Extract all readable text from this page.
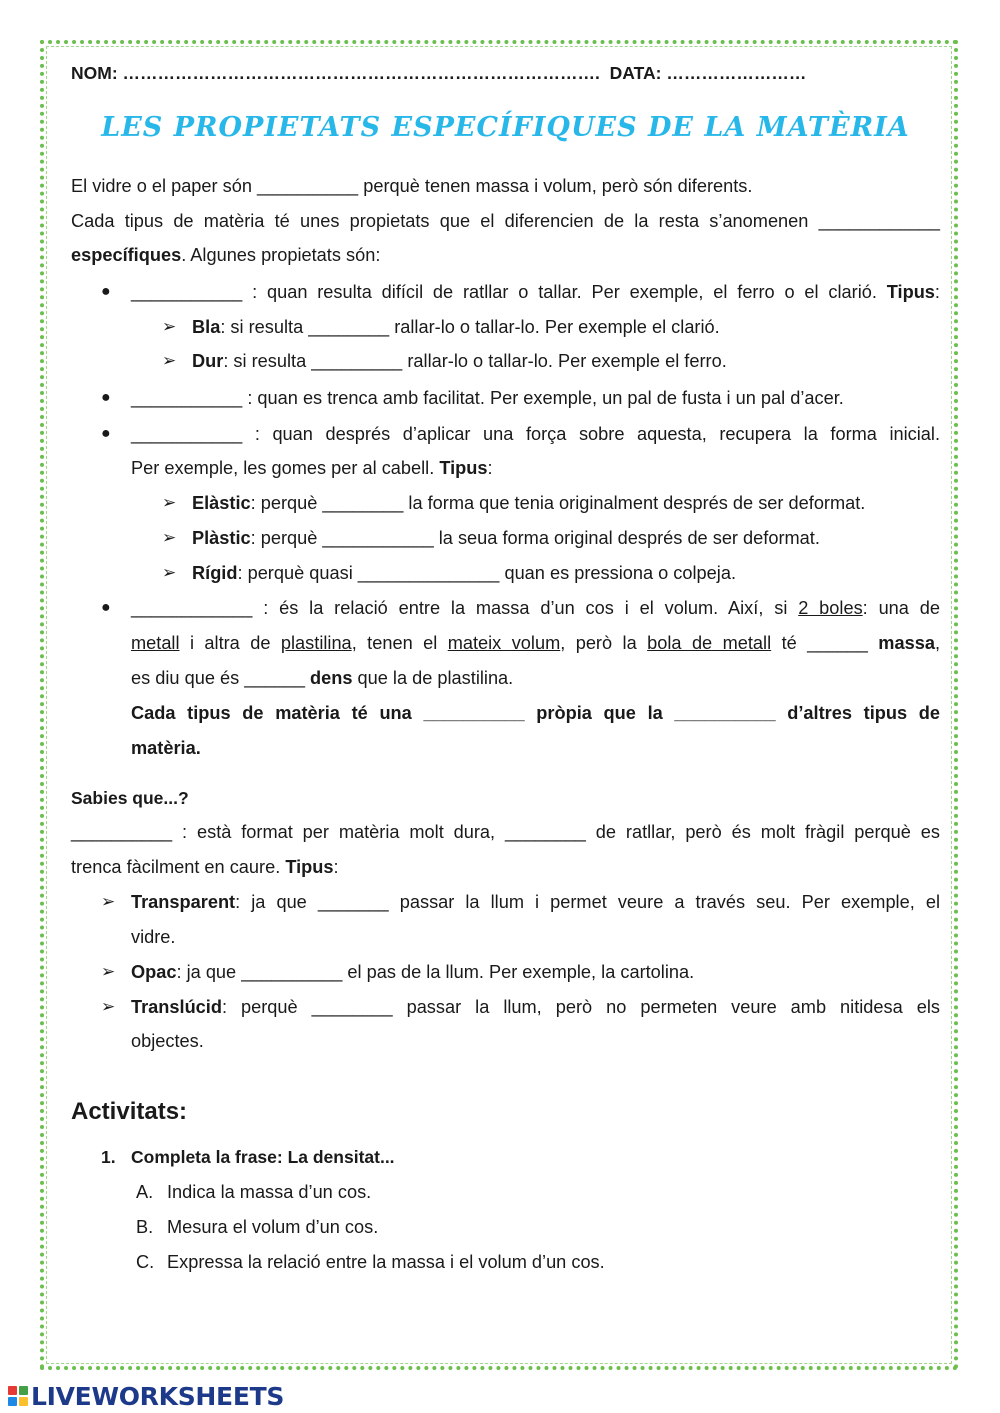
NOM: ………………………………………………………………………. DATA: ……………………
LES PROPIETATS ESPECÍFIQUES DE LA MATÈRIA
El vidre o el paper són __________ perquè tenen massa i volum, però són diferents.
Cada tipus de matèria té unes propietats que el diferencien de la resta s’anomenen ____________
específiques. Algunes propietats són:
● ___________ : quan resulta difícil de ratllar o tallar. Per exemple, el ferro o el clarió. Tipus:
➢ Bla: si resulta ________ rallar-lo o tallar-lo. Per exemple el clarió.
➢ Dur: si resulta _________ rallar-lo o tallar-lo. Per exemple el ferro.
● ___________ : quan es trenca amb facilitat. Per exemple, un pal de fusta i un pal d’acer.
● ___________ : quan després d’aplicar una força sobre aquesta, recupera la forma inicial.
Per exemple, les gomes per al cabell. Tipus:
➢ Elàstic: perquè ________ la forma que tenia originalment després de ser deformat.
➢ Plàstic: perquè ___________ la seua forma original després de ser deformat.
➢ Rígid: perquè quasi ______________ quan es pressiona o colpeja.
● ____________ : és la relació entre la massa d’un cos i el volum. Així, si 2 boles: una de
metall i altra de plastilina, tenen el mateix volum, però la bola de metall té ______ massa,
es diu que és ______ dens que la de plastilina.
Cada tipus de matèria té una __________ pròpia que la __________ d’altres tipus de
matèria.
Sabies que...?
__________ : està format per matèria molt dura, ________ de ratllar, però és molt fràgil perquè es
trenca fàcilment en caure. Tipus:
➢ Transparent: ja que _______ passar la llum i permet veure a través seu. Per exemple, el
vidre.
➢ Opac: ja que __________ el pas de la llum. Per exemple, la cartolina.
➢ Translúcid: perquè ________ passar la llum, però no permeten veure amb nitidesa els
objectes.
Activitats:
1. Completa la frase: La densitat...
A. Indica la massa d’un cos.
B. Mesura el volum d’un cos.
C. Expressa la relació entre la massa i el volum d’un cos.
LIVEWORKSHEETS
